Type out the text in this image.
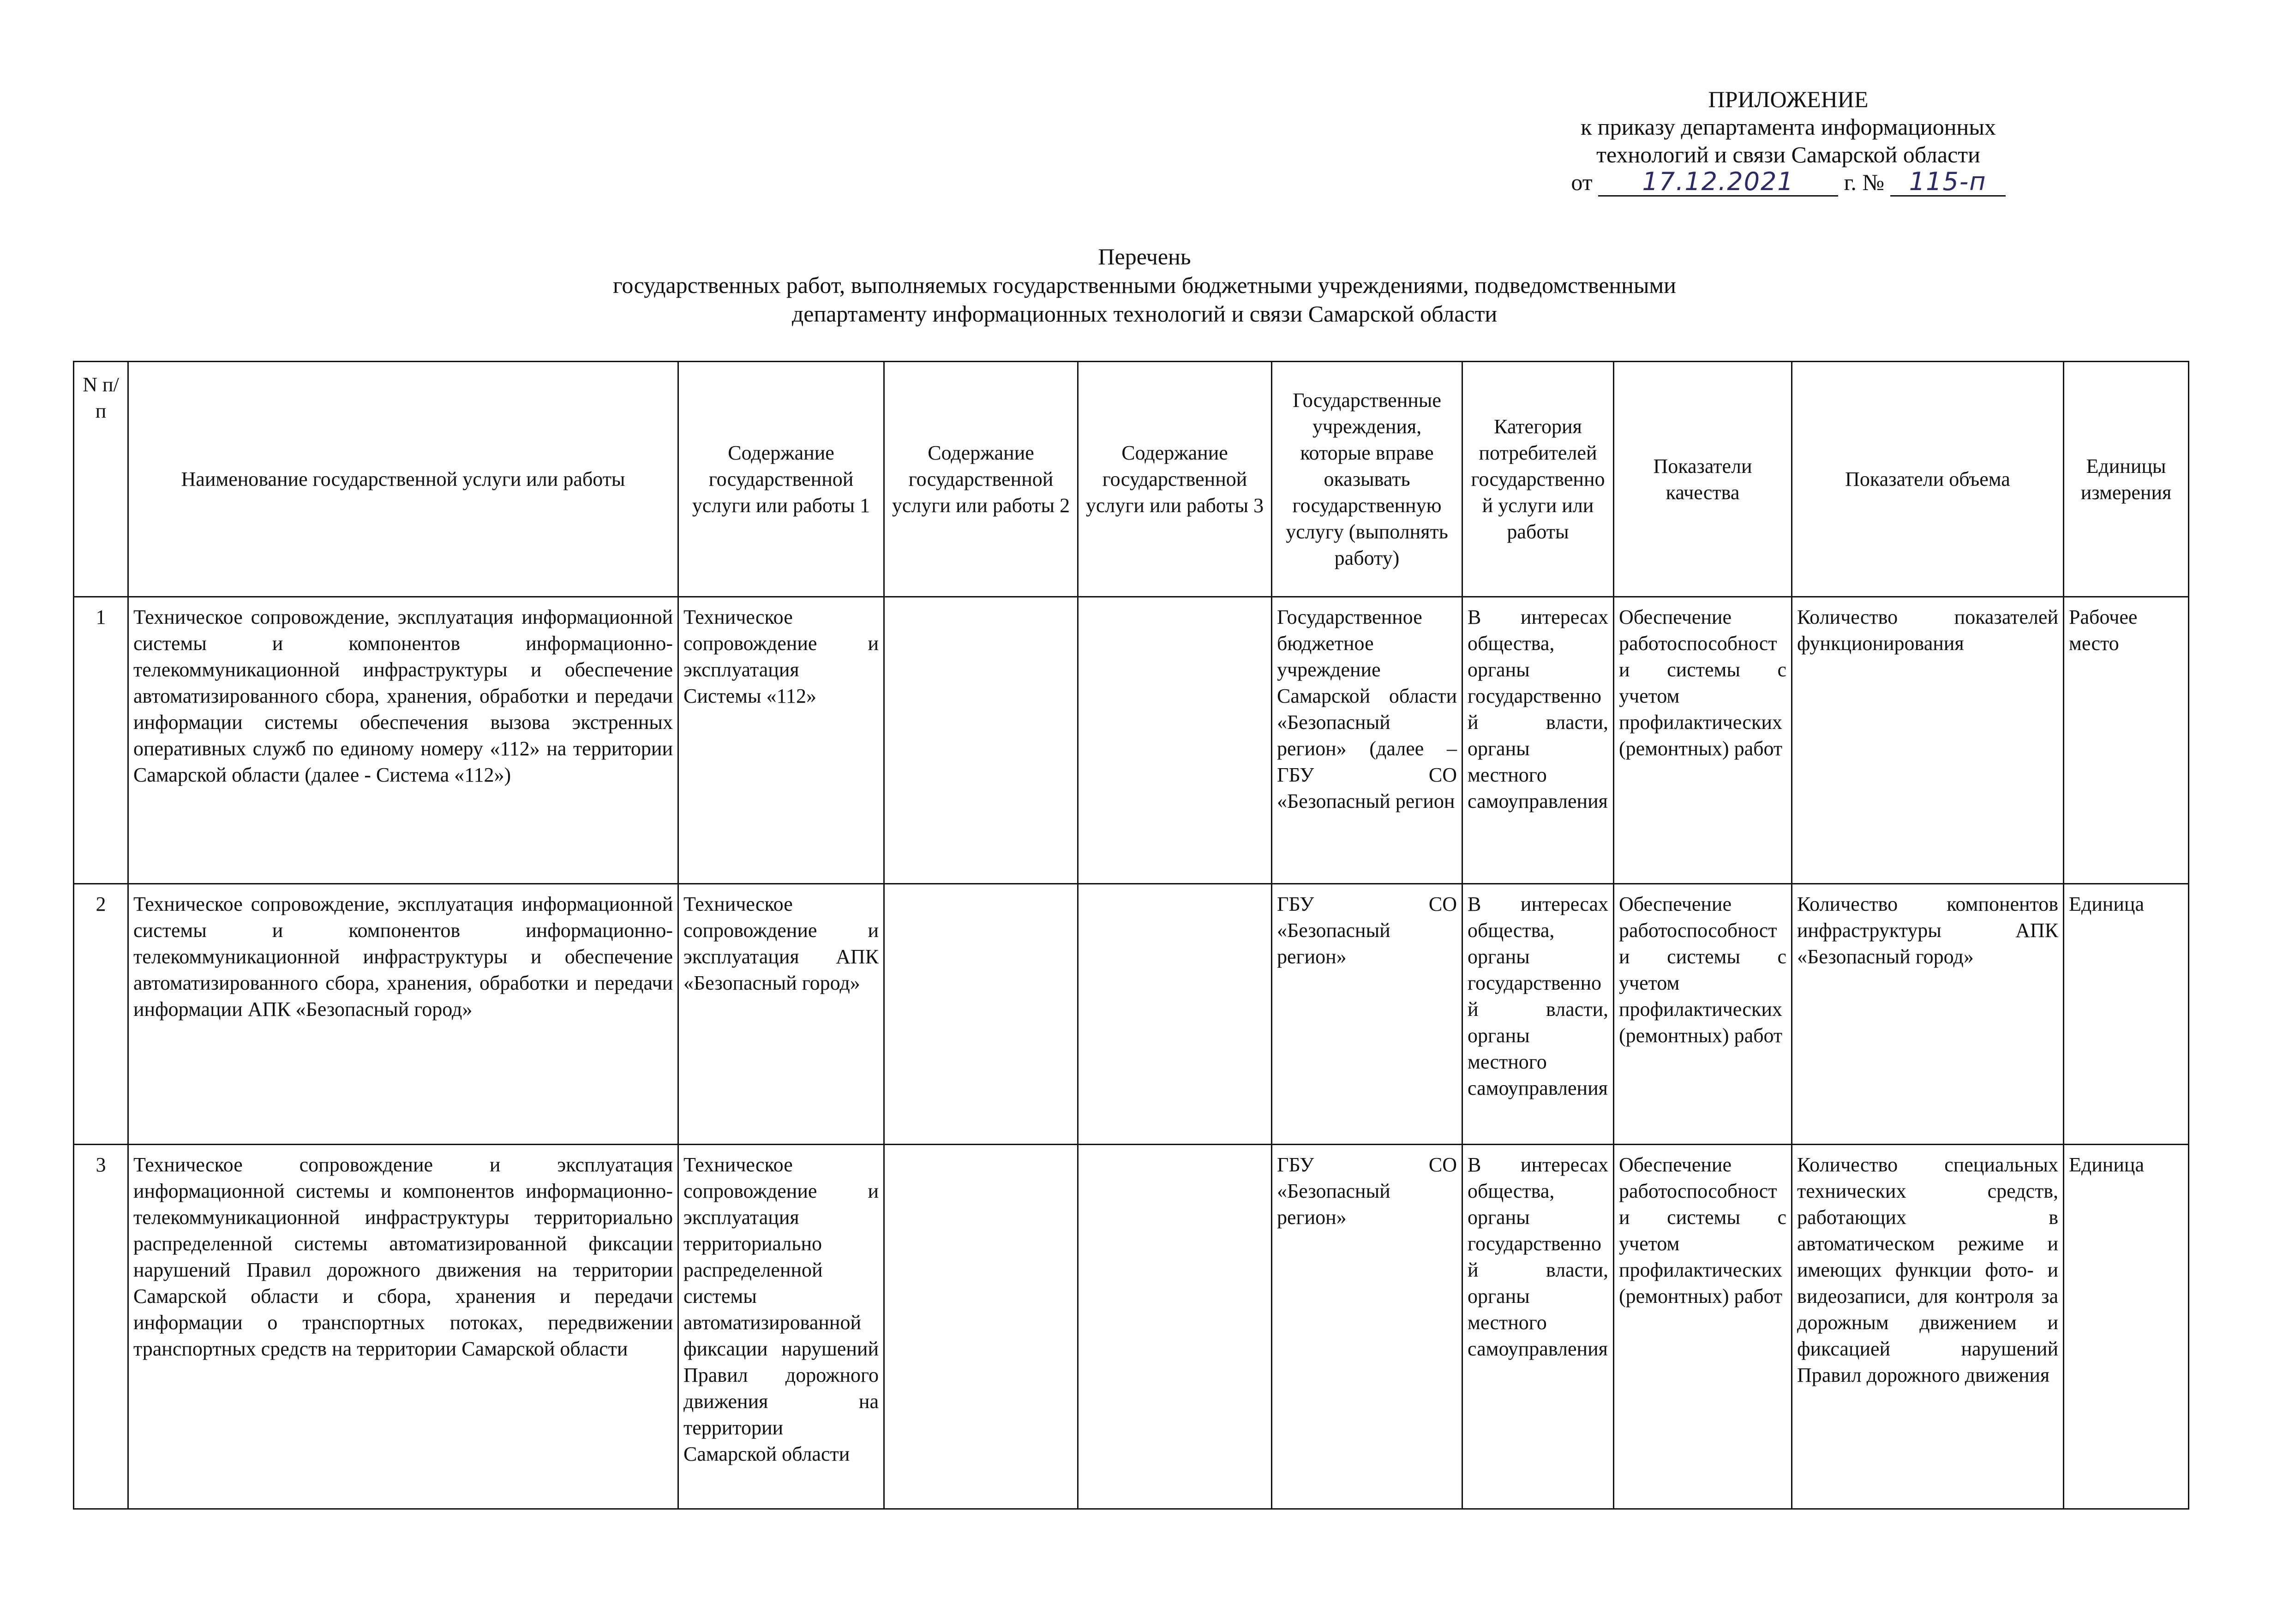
ПРИЛОЖЕНИЕ
к приказу департамента информационных
технологий и связи Самарской области
от 17.12.2021 г. № 115-п
Перечень
государственных работ, выполняемых государственными бюджетными учреждениями, подведомственными
департаменту информационных технологий и связи Самарской области
N п/п	Наименование государственной услуги или работы	Содержание государственной услуги или работы 1	Содержание государственной услуги или работы 2	Содержание государственной услуги или работы 3	Государственные учреждения, которые вправе оказывать государственную услугу (выполнять работу)	Категория потребителей государственной услуги или работы	Показатели качества	Показатели объема	Единицы измерения
1	Техническое сопровождение, эксплуатация информационной системы и компонентов информационно-телекоммуникационной инфраструктуры и обеспечение автоматизированного сбора, хранения, обработки и передачи информации системы обеспечения вызова экстренных оперативных служб по единому номеру «112» на территории Самарской области (далее - Система «112»)	Техническое сопровождение и эксплуатация Системы «112»			Государственное бюджетное учреждение Самарской области «Безопасный регион» (далее – ГБУ СО «Безопасный регион	В интересах общества, органы государственной власти, органы местного самоуправления	Обеспечение работоспособности системы с учетом профилактических (ремонтных) работ	Количество показателей функционирования	Рабочее место
2	Техническое сопровождение, эксплуатация информационной системы и компонентов информационно-телекоммуникационной инфраструктуры и обеспечение автоматизированного сбора, хранения, обработки и передачи информации АПК «Безопасный город»	Техническое сопровождение и эксплуатация АПК «Безопасный город»			ГБУ СО «Безопасный регион»	В интересах общества, органы государственной власти, органы местного самоуправления	Обеспечение работоспособности системы с учетом профилактических (ремонтных) работ	Количество компонентов инфраструктуры АПК «Безопасный город»	Единица
3	Техническое сопровождение и эксплуатация информационной системы и компонентов информационно-телекоммуникационной инфраструктуры территориально распределенной системы автоматизированной фиксации нарушений Правил дорожного движения на территории Самарской области и сбора, хранения и передачи информации о транспортных потоках, передвижении транспортных средств на территории Самарской области	Техническое сопровождение и эксплуатация территориально распределенной системы автоматизированной фиксации нарушений Правил дорожного движения на территории Самарской области			ГБУ СО «Безопасный регион»	В интересах общества, органы государственной власти, органы местного самоуправления	Обеспечение работоспособности системы с учетом профилактических (ремонтных) работ	Количество специальных технических средств, работающих в автоматическом режиме и имеющих функции фото- и видеозаписи, для контроля за дорожным движением и фиксацией нарушений Правил дорожного движения	Единица
